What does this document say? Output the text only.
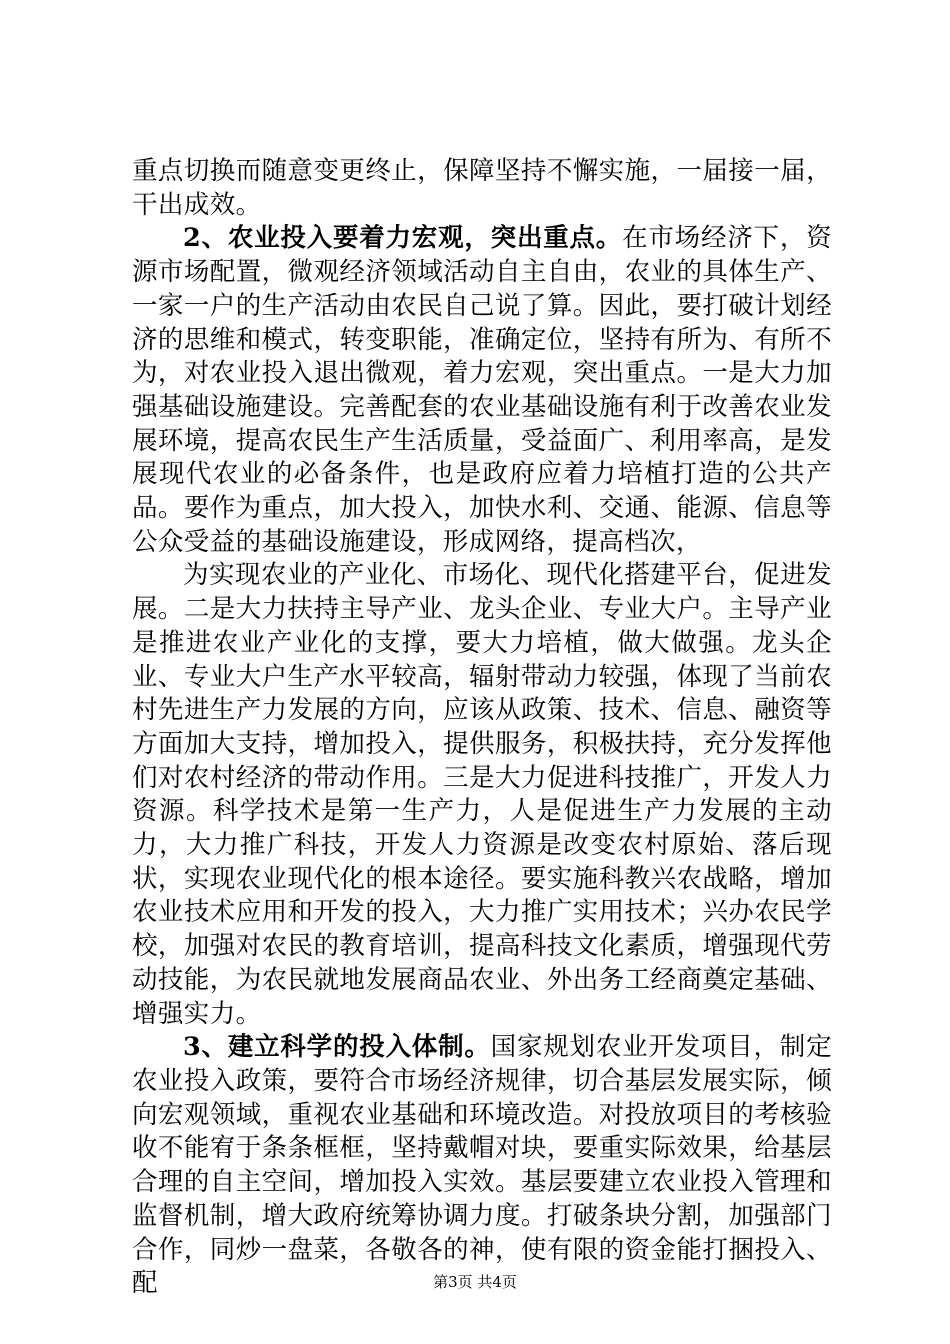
重点切换而随意变更终止，保障坚持不懈实施，一届接一届，干出成效。

2、农业投入要着力宏观，突出重点。在市场经济下，资源市场配置，微观经济领域活动自主自由，农业的具体生产、一家一户的生产活动由农民自己说了算。因此，要打破计划经济的思维和模式，转变职能，准确定位，坚持有所为、有所不为，对农业投入退出微观，着力宏观，突出重点。一是大力加强基础设施建设。完善配套的农业基础设施有利于改善农业发展环境，提高农民生产生活质量，受益面广、利用率高，是发展现代农业的必备条件，也是政府应着力培植打造的公共产品。要作为重点，加大投入，加快水利、交通、能源、信息等公众受益的基础设施建设，形成网络，提高档次，

为实现农业的产业化、市场化、现代化搭建平台，促进发展。二是大力扶持主导产业、龙头企业、专业大户。主导产业是推进农业产业化的支撑，要大力培植，做大做强。龙头企业、专业大户生产水平较高，辐射带动力较强，体现了当前农村先进生产力发展的方向，应该从政策、技术、信息、融资等方面加大支持，增加投入，提供服务，积极扶持，充分发挥他们对农村经济的带动作用。三是大力促进科技推广，开发人力资源。科学技术是第一生产力，人是促进生产力发展的主动力，大力推广科技，开发人力资源是改变农村原始、落后现状，实现农业现代化的根本途径。要实施科教兴农战略，增加农业技术应用和开发的投入，大力推广实用技术；兴办农民学校，加强对农民的教育培训，提高科技文化素质，增强现代劳动技能，为农民就地发展商品农业、外出务工经商奠定基础、增强实力。

3、建立科学的投入体制。国家规划农业开发项目，制定农业投入政策，要符合市场经济规律，切合基层发展实际，倾向宏观领域，重视农业基础和环境改造。对投放项目的考核验收不能宥于条条框框，坚持戴帽对块，要重实际效果，给基层合理的自主空间，增加投入实效。基层要建立农业投入管理和监督机制，增大政府统筹协调力度。打破条块分割，加强部门合作，同炒一盘菜，各敬各的神，使有限的资金能打捆投入、配	第3页 共4页
